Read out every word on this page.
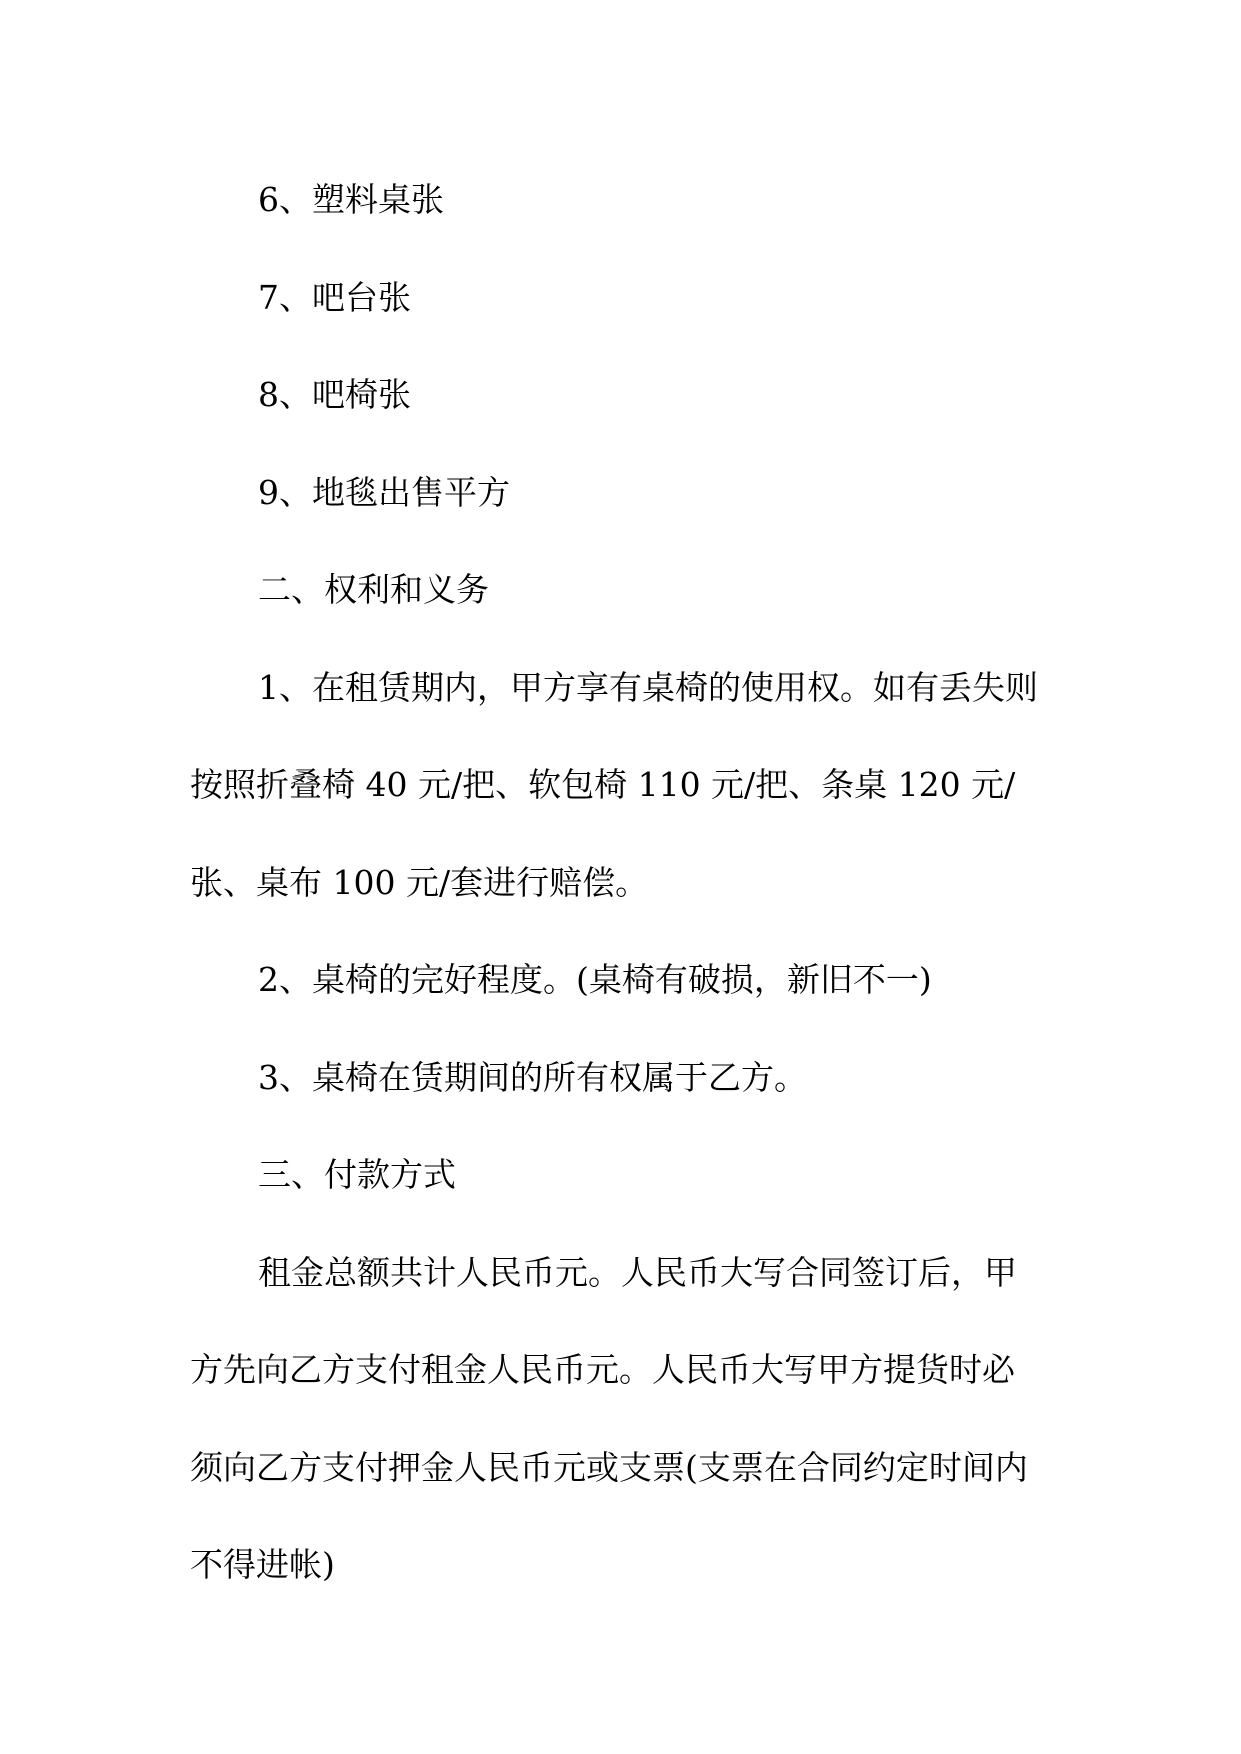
6、塑料桌张

7、吧台张

8、吧椅张

9、地毯出售平方

二、权利和义务

1、在租赁期内，甲方享有桌椅的使用权。如有丢失则

按照折叠椅 40 元/把、软包椅 110 元/把、条桌 120 元/

张、桌布 100 元/套进行赔偿。

2、桌椅的完好程度。(桌椅有破损，新旧不一)

3、桌椅在赁期间的所有权属于乙方。

三、付款方式

租金总额共计人民币元。人民币大写合同签订后，甲

方先向乙方支付租金人民币元。人民币大写甲方提货时必

须向乙方支付押金人民币元或支票(支票在合同约定时间内

不得进帐)
